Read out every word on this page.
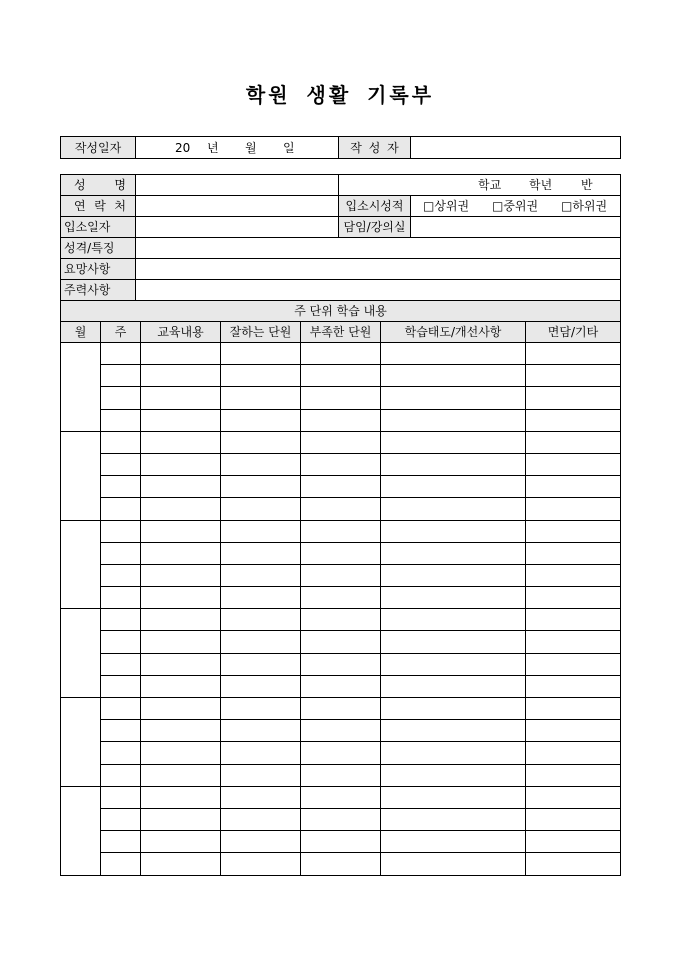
학원 생활 기록부
작성일자	20 년 월 일	작 성 자	
성 명						학교 학년 반			

연 락 처						입소시성적		□상위권 □중위권 □하위권	

입소일자						담임/강의실			
성격/특징									
요망사항									
주력사항									
주 단위 학습 내용									
월	주		교육내용	잘하는 단원	부족한 단원		학습태도/개선사항		면담/기타
